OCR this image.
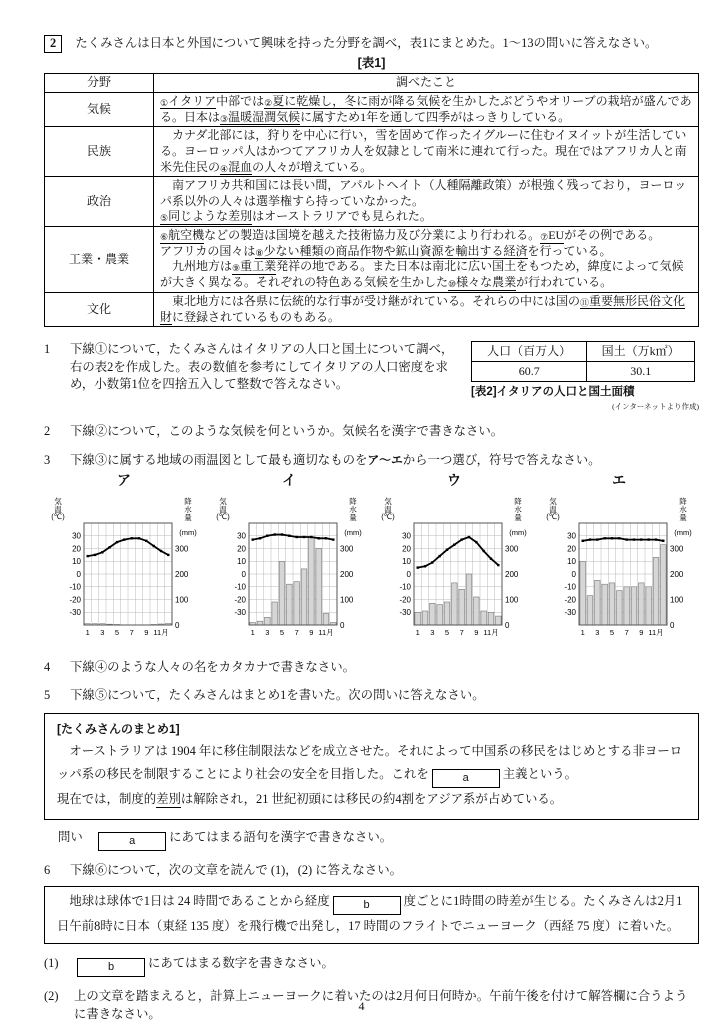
2 たくみさんは日本と外国について興味を持った分野を調べ，表1にまとめた。1～13の問いに答えなさい。
[表1]
分野	調べたこと
気候	①イタリア中部では②夏に乾燥し，冬に雨が降る気候を生かしたぶどうやオリーブの栽培が盛んである。日本は③温暖湿潤気候に属すため1年を通して四季がはっきりしている。
民族	　カナダ北部には，狩りを中心に行い，雪を固めて作ったイグルーに住むイヌイットが生活している。ヨーロッパ人はかつてアフリカ人を奴隷として南米に連れて行った。現在ではアフリカ人と南米先住民の④混血の人々が増えている。
政治	　南アフリカ共和国には長い間，アパルトヘイト（人種隔離政策）が根強く残っており，ヨーロッパ系以外の人々は選挙権すら持っていなかった。
⑤同じような差別はオーストラリアでも見られた。
工業・農業	⑥航空機などの製造は国境を越えた技術協力及び分業により行われる。⑦EUがその例である。
アフリカの国々は⑧少ない種類の商品作物や鉱山資源を輸出する経済を行っている。
　九州地方は⑨重工業発祥の地である。また日本は南北に広い国土をもつため，緯度によって気候が大きく異なる。それぞれの特色ある気候を生かした⑩様々な農業が行われている。
文化	　東北地方には各県に伝統的な行事が受け継がれている。それらの中には国の⑪重要無形民俗文化財に登録されているものもある。
1	下線①について，たくみさんはイタリアの人口と国土について調べ，右の表2を作成した。表の数値を参考にしてイタリアの人口密度を求め，小数第1位を四捨五入して整数で答えなさい。
人口（百万人）	国土（万k㎡）
60.7	30.1
[表2]イタリアの人口と国土面積
(インターネットより作成)
2	下線②について，このような気候を何というか。気候名を漢字で書きなさい。
3	下線③に属する地域の雨温図として最も適切なものをア～エから一つ選び，符号で答えなさい。
ア
30
20
10
0
-10
-20
-30
300
200
100
0
1 3 5 7 9 11月
(℃)
(mm)
気
温
降
水
量
イ
30
20
10
0
-10
-20
-30
300
200
100
0
1 3 5 7 9 11月
(℃)
(mm)
気
温
降
水
量
ウ
30
20
10
0
-10
-20
-30
300
200
100
0
1 3 5 7 9 11月
(℃)
(mm)
気
温
降
水
量
エ
30
20
10
0
-10
-20
-30
300
200
100
0
1 3 5 7 9 11月
(℃)
(mm)
気
温
降
水
量
4	下線④のような人々の名をカタカナで書きなさい。
5	下線⑤について，たくみさんはまとめ1を書いた。次の問いに答えなさい。
[たくみさんのまとめ1]
　オーストラリアは 1904 年に移住制限法などを成立させた。それによって中国系の移民をはじめとする非ヨーロッパ系の移民を制限することにより社会の安全を目指した。これを	a	主義という。
現在では，制度的差別は解除され，21 世紀初頭には移民の約4割をアジア系が占めている。
問い　	a	にあてはまる語句を漢字で書きなさい。
6	下線⑥について，次の文章を読んで (1)，(2) に答えなさい。
　地球は球体で1日は 24 時間であることから経度	b	度ごとに1時間の時差が生じる。たくみさんは2月1日午前8時に日本（東経 135 度）を飛行機で出発し，17 時間のフライトでニューヨーク（西経 75 度）に着いた。
(1)	b	にあてはまる数字を書きなさい。
(2)	上の文章を踏まえると，計算上ニューヨークに着いたのは2月何日何時か。午前午後を付けて解答欄に合うように書きなさい。
4
